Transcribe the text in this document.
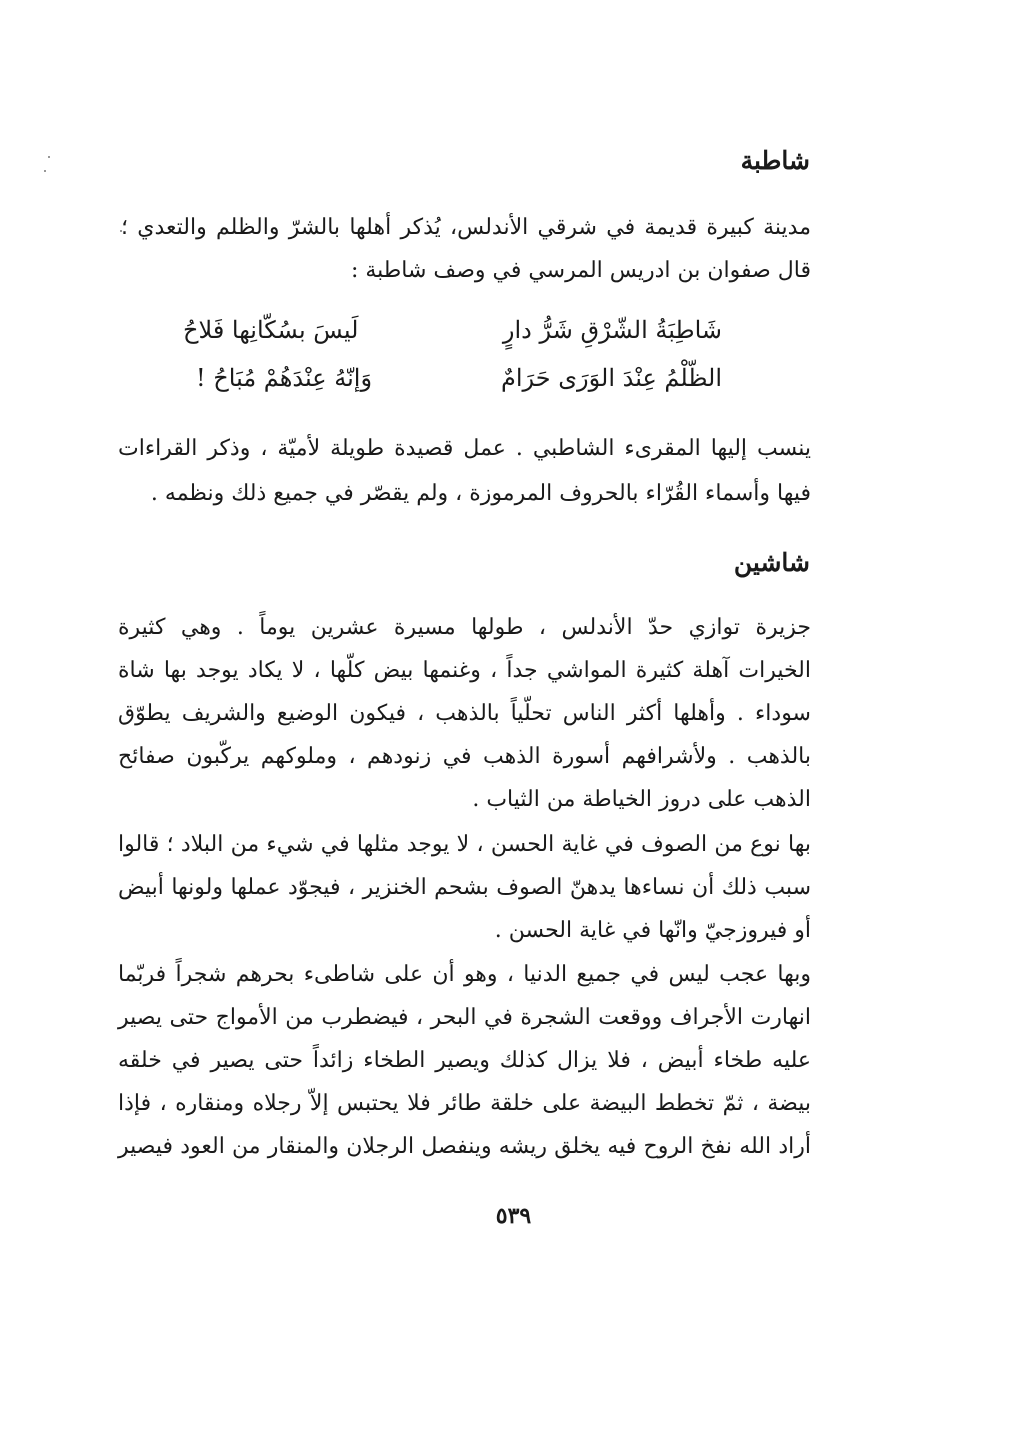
شاطبة
مدينة كبيرة قديمة في شرقي الأندلس، يُذكر أهلها بالشرّ والظلم والتعدي ؛
قال صفوان بن ادريس المرسي في وصف شاطبة :
شَاطِبَةُ الشّرْقِ شَرُّ دارٍ
لَيسَ بسُكّانِها فَلاحُ
الظّلْمُ عِنْدَ الوَرَى حَرَامٌ
وَإنّهُ عِنْدَهُمْ مُبَاحُ !
ينسب إليها المقرىء الشاطبي . عمل قصيدة طويلة لأميّة ، وذكر القراءات
فيها وأسماء القُرّاء بالحروف المرموزة ، ولم يقصّر في جميع ذلك ونظمه .
شاشين
جزيرة توازي حدّ الأندلس ، طولها مسيرة عشرين يوماً . وهي كثيرة
الخيرات آهلة كثيرة المواشي جداً ، وغنمها بيض كلّها ، لا يكاد يوجد بها شاة
سوداء . وأهلها أكثر الناس تحلّياً بالذهب ، فيكون الوضيع والشريف يطوّق
بالذهب . ولأشرافهم أسورة الذهب في زنودهم ، وملوكهم يركّبون صفائح
الذهب على دروز الخياطة من الثياب .
بها نوع من الصوف في غاية الحسن ، لا يوجد مثلها في شيء من البلاد ؛ قالوا
سبب ذلك أن نساءها يدهنّ الصوف بشحم الخنزير ، فيجوّد عملها ولونها أبيض
أو فيروزجيّ وانّها في غاية الحسن .
وبها عجب ليس في جميع الدنيا ، وهو أن على شاطىء بحرهم شجراً فربّما
انهارت الأجراف ووقعت الشجرة في البحر ، فيضطرب من الأمواج حتى يصير
عليه طخاء أبيض ، فلا يزال كذلك ويصير الطخاء زائداً حتى يصير في خلقه
بيضة ، ثمّ تخطط البيضة على خلقة طائر فلا يحتبس إلاّ رجلاه ومنقاره ، فإذا
أراد الله نفخ الروح فيه يخلق ريشه وينفصل الرجلان والمنقار من العود فيصير
٥٣٩
